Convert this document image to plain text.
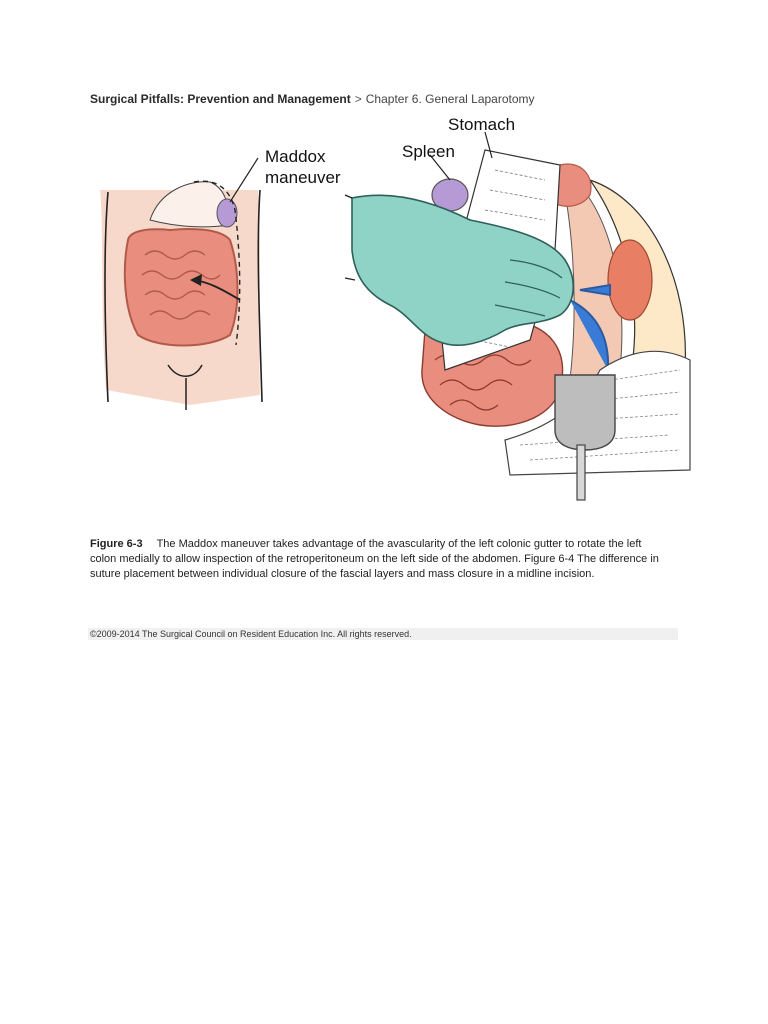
Surgical Pitfalls: Prevention and Management > Chapter 6. General Laparotomy
Maddox
maneuver
Spleen
Stomach
Figure 6-3 The Maddox maneuver takes advantage of the avascularity of the left colonic gutter to rotate the left colon medially to allow inspection of the retroperitoneum on the left side of the abdomen. Figure 6-4 The difference in suture placement between individual closure of the fascial layers and mass closure in a midline incision.
©2009-2014 The Surgical Council on Resident Education Inc. All rights reserved.
